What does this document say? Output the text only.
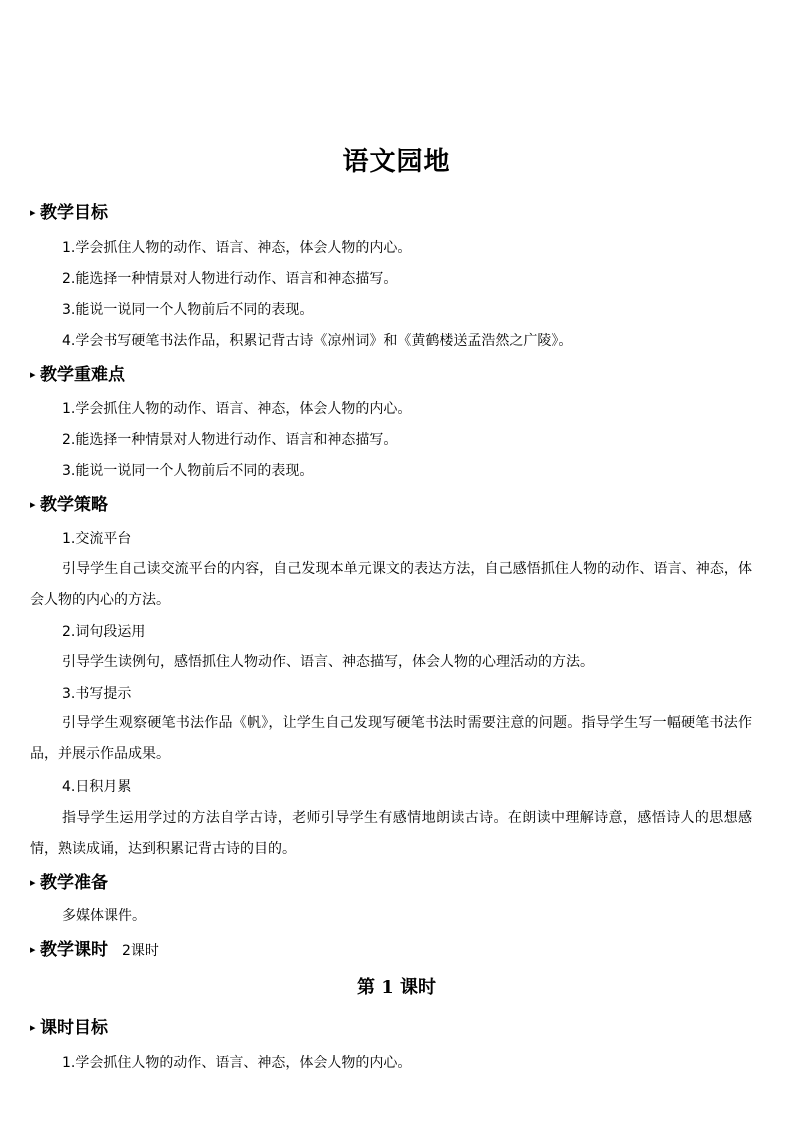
语文园地
▸ 教学目标
1.学会抓住人物的动作、语言、神态，体会人物的内心。
2.能选择一种情景对人物进行动作、语言和神态描写。
3.能说一说同一个人物前后不同的表现。
4.学会书写硬笔书法作品，积累记背古诗《凉州词》和《黄鹤楼送孟浩然之广陵》。
▸ 教学重难点
1.学会抓住人物的动作、语言、神态，体会人物的内心。
2.能选择一种情景对人物进行动作、语言和神态描写。
3.能说一说同一个人物前后不同的表现。
▸ 教学策略
1.交流平台
引导学生自己读交流平台的内容，自己发现本单元课文的表达方法，自己感悟抓住人物的动作、语言、神态，体会人物的内心的方法。
2.词句段运用
引导学生读例句，感悟抓住人物动作、语言、神态描写，体会人物的心理活动的方法。
3.书写提示
引导学生观察硬笔书法作品《帆》，让学生自己发现写硬笔书法时需要注意的问题。指导学生写一幅硬笔书法作品，并展示作品成果。
4.日积月累
指导学生运用学过的方法自学古诗，老师引导学生有感情地朗读古诗。在朗读中理解诗意，感悟诗人的思想感情，熟读成诵，达到积累记背古诗的目的。
▸ 教学准备
多媒体课件。
▸ 教学课时 2课时
第 1 课时
▸ 课时目标
1.学会抓住人物的动作、语言、神态，体会人物的内心。
